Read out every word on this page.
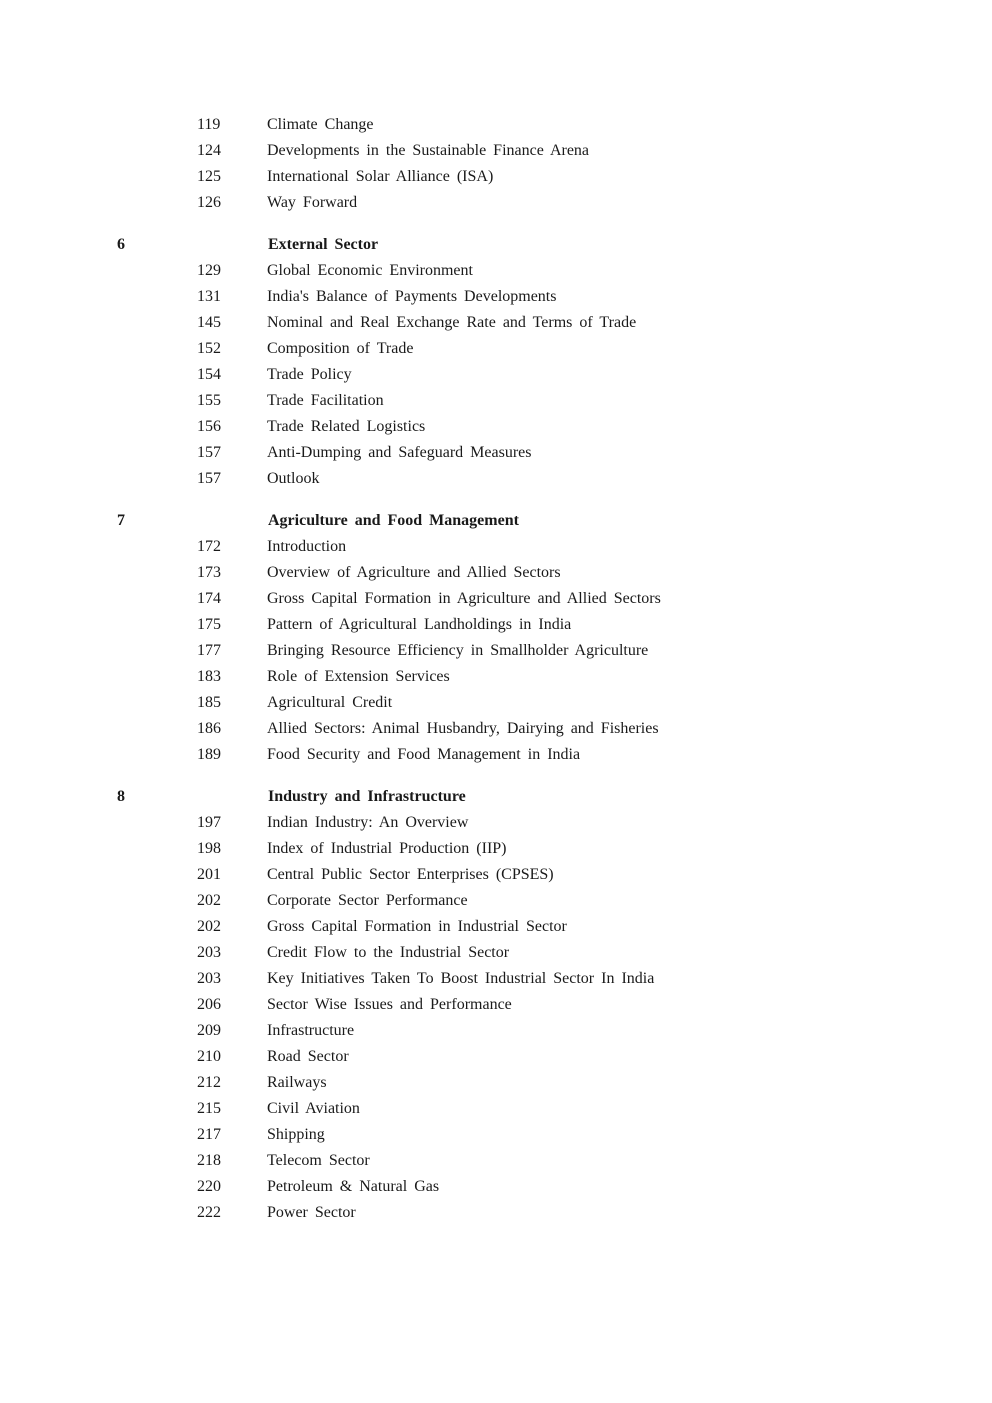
119	Climate Change
124	Developments in the Sustainable Finance Arena
125	International Solar Alliance (ISA)
126	Way Forward
6	External Sector
129	Global Economic Environment
131	India's Balance of Payments Developments
145	Nominal and Real Exchange Rate and Terms of Trade
152	Composition of Trade
154	Trade Policy
155	Trade Facilitation
156	Trade Related Logistics
157	Anti-Dumping and Safeguard Measures
157	Outlook
7	Agriculture and Food Management
172	Introduction
173	Overview of Agriculture and Allied Sectors
174	Gross Capital Formation in Agriculture and Allied Sectors
175	Pattern of Agricultural Landholdings in India
177	Bringing Resource Efficiency in Smallholder Agriculture
183	Role of Extension Services
185	Agricultural Credit
186	Allied Sectors: Animal Husbandry, Dairying and Fisheries
189	Food Security and Food Management in India
8	Industry and Infrastructure
197	Indian Industry: An Overview
198	Index of Industrial Production (IIP)
201	Central Public Sector Enterprises (CPSES)
202	Corporate Sector Performance
202	Gross Capital Formation in Industrial Sector
203	Credit Flow to the Industrial Sector
203	Key Initiatives Taken To Boost Industrial Sector In India
206	Sector Wise Issues and Performance
209	Infrastructure
210	Road Sector
212	Railways
215	Civil Aviation
217	Shipping
218	Telecom Sector
220	Petroleum & Natural Gas
222	Power Sector
